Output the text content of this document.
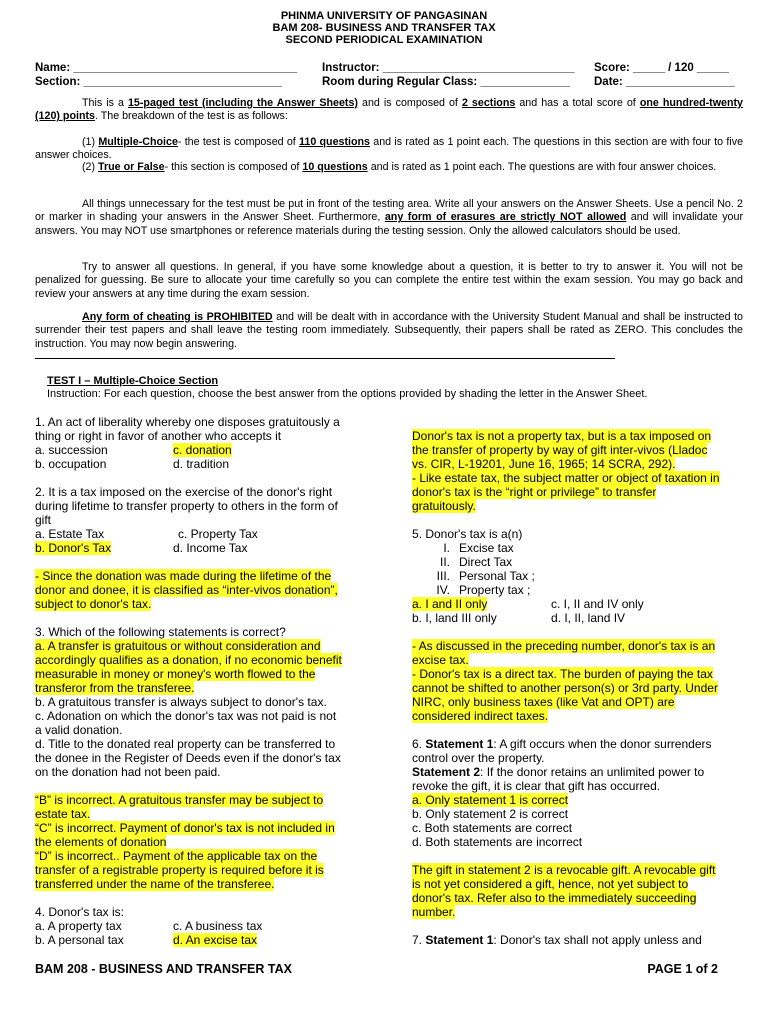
PHINMA UNIVERSITY OF PANGASINAN
BAM 208- BUSINESS AND TRANSFER TAX
SECOND PERIODICAL EXAMINATION
Name: ___________________________________
Section: _______________________________
Instructor: ______________________________
Room during Regular Class: ______________
Score: _____ / 120 _____
Date: _________________
This is a 15-paged test (including the Answer Sheets) and is composed of 2 sections and has a total score of one hundred-twenty (120) points. The breakdown of the test is as follows:
(1) Multiple-Choice- the test is composed of 110 questions and is rated as 1 point each. The questions in this section are with four to five answer choices.
(2) True or False- this section is composed of 10 questions and is rated as 1 point each. The questions are with four answer choices.
All things unnecessary for the test must be put in front of the testing area. Write all your answers on the Answer Sheets. Use a pencil No. 2 or marker in shading your answers in the Answer Sheet. Furthermore, any form of erasures are strictly NOT allowed and will invalidate your answers. You may NOT use smartphones or reference materials during the testing session. Only the allowed calculators should be used.
Try to answer all questions. In general, if you have some knowledge about a question, it is better to try to answer it. You will not be penalized for guessing. Be sure to allocate your time carefully so you can complete the entire test within the exam session. You may go back and review your answers at any time during the exam session.
Any form of cheating is PROHIBITED and will be dealt with in accordance with the University Student Manual and shall be instructed to surrender their test papers and shall leave the testing room immediately. Subsequently, their papers shall be rated as ZERO. This concludes the instruction. You may now begin answering.
TEST I – Multiple-Choice Section
Instruction: For each question, choose the best answer from the options provided by shading the letter in the Answer Sheet.
1. An act of liberality whereby one disposes gratuitously a
thing or right in favor of another who accepts it
a. succession	c. donation
b. occupation	d. tradition
2. It is a tax imposed on the exercise of the donor's right
during lifetime to transfer property to others in the form of
gift
a. Estate Tax	c. Property Tax
b. Donor's Tax	d. Income Tax
- Since the donation was made during the lifetime of the
donor and donee, it is classified as “inter-vivos donation”,
subject to donor's tax.
3. Which of the following statements is correct?
a. A transfer is gratuitous or without consideration and
accordingly qualifies as a donation, if no economic benefit
measurable in money or money's worth flowed to the
transferor from the transferee.
b. A gratuitous transfer is always subject to donor's tax.
c. Adonation on which the donor's tax was not paid is not
a valid donation.
d. Title to the donated real property can be transferred to
the donee in the Register of Deeds even if the donor's tax
on the donation had not been paid.
“B” is incorrect. A gratuitous transfer may be subject to
estate tax.
“C” is incorrect. Payment of donor's tax is not included in
the elements of donation
“D” is incorrect.. Payment of the applicable tax on the
transfer of a registrable property is required before it is
transferred under the name of the transferee.
4. Donor's tax is:
a. A property tax	c. A business tax
b. A personal tax	d. An excise tax
Donor's tax is not a property tax, but is a tax imposed on
the transfer of property by way of gift inter-vivos (Lladoc
vs. CIR, L-19201, June 16, 1965; 14 SCRA, 292).
- Like estate tax, the subject matter or object of taxation in
donor's tax is the “right or privilege” to transfer
gratuitously.
5. Donor's tax is a(n)
I. Excise tax
II. Direct Tax
III. Personal Tax ;
IV. Property tax ;
a. I and II only	c. I, II and IV only
b. I, land III only	d. I, II, land IV
- As discussed in the preceding number, donor's tax is an
excise tax.
- Donor's tax is a direct tax. The burden of paying the tax
cannot be shifted to another person(s) or 3rd party. Under
NIRC, only business taxes (like Vat and OPT) are
considered indirect taxes.
6. Statement 1: A gift occurs when the donor surrenders
control over the property.
Statement 2: If the donor retains an unlimited power to
revoke the gift, it is clear that gift has occurred.
a. Only statement 1 is correct
b. Only statement 2 is correct
c. Both statements are correct
d. Both statements are incorrect
The gift in statement 2 is a revocable gift. A revocable gift
is not yet considered a gift, hence, not yet subject to
donor's tax. Refer also to the immediately succeeding
number.
7. Statement 1: Donor's tax shall not apply unless and
BAM 208 - BUSINESS AND TRANSFER TAX	PAGE 1 of 2
